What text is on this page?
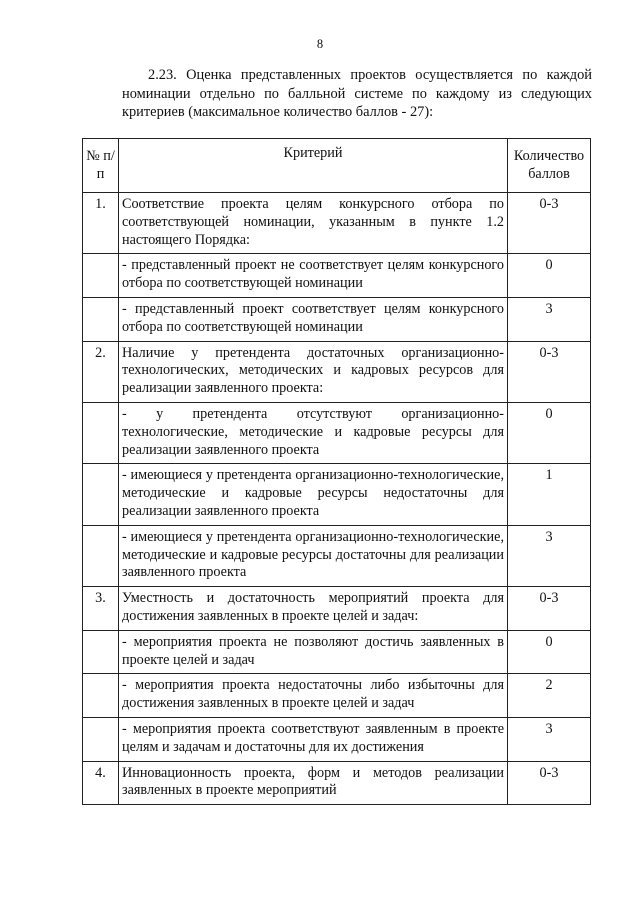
8

2.23. Оценка представленных проектов осуществляется по каждой номинации отдельно по балльной системе по каждому из следующих критериев (максимальное количество баллов - 27):

№ п/п	Критерий	Количество баллов
1.	Соответствие проекта целям конкурсного отбора по соответствующей номинации, указанным в пункте 1.2 настоящего Порядка:	0-3
	- представленный проект не соответствует целям конкурсного отбора по соответствующей номинации	0
	- представленный проект соответствует целям конкурсного отбора по соответствующей номинации	3
2.	Наличие у претендента достаточных организационно-технологических, методических и кадровых ресурсов для реализации заявленного проекта:	0-3
	- у претендента отсутствуют организационно-технологические, методические и кадровые ресурсы для реализации заявленного проекта	0
	- имеющиеся у претендента организационно-технологические, методические и кадровые ресурсы недостаточны для реализации заявленного проекта	1
	- имеющиеся у претендента организационно-технологические, методические и кадровые ресурсы достаточны для реализации заявленного проекта	3
3.	Уместность и достаточность мероприятий проекта для достижения заявленных в проекте целей и задач:	0-3
	- мероприятия проекта не позволяют достичь заявленных в проекте целей и задач	0
	- мероприятия проекта недостаточны либо избыточны для достижения заявленных в проекте целей и задач	2
	- мероприятия проекта соответствуют заявленным в проекте целям и задачам и достаточны для их достижения	3
4.	Инновационность проекта, форм и методов реализации заявленных в проекте мероприятий	0-3
